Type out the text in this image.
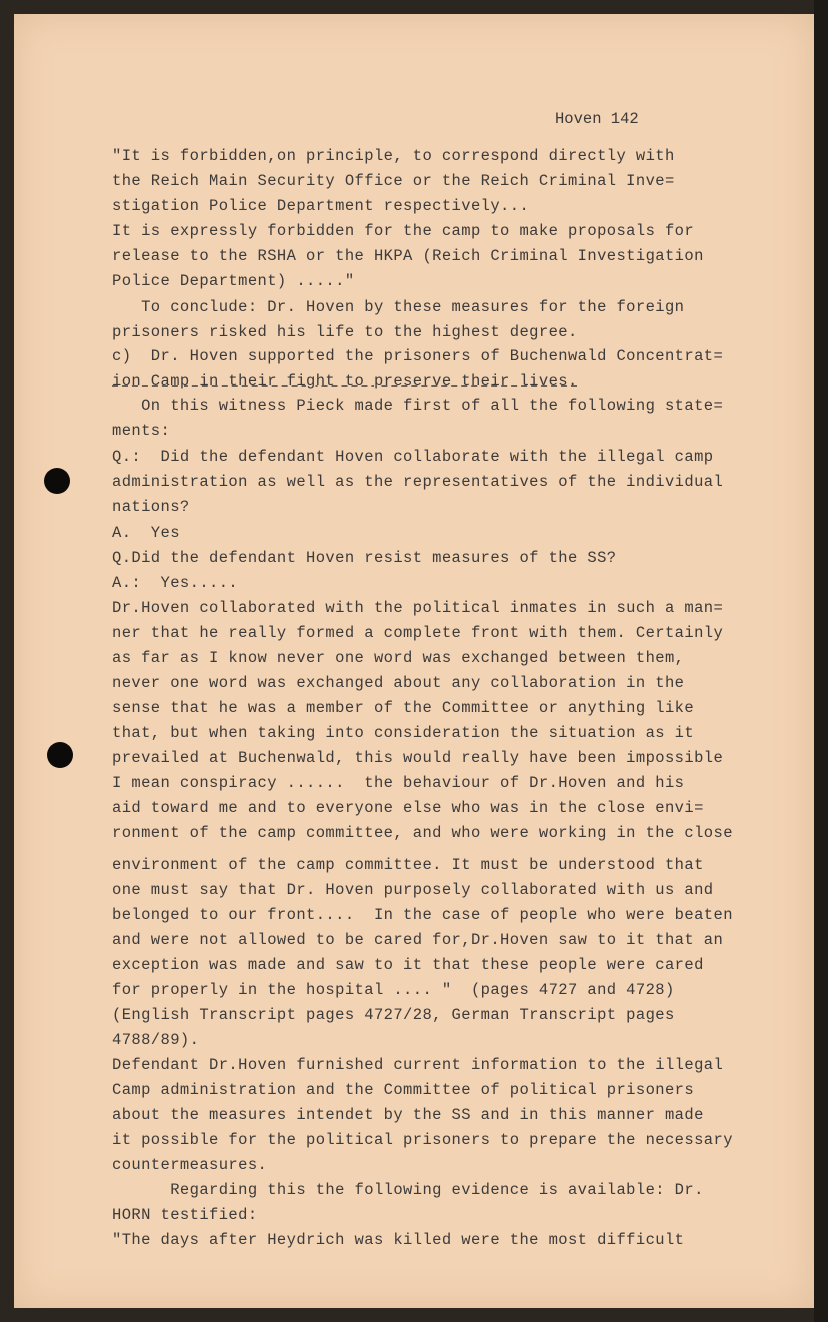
Hoven 142
"It is forbidden,on principle, to correspond directly with
the Reich Main Security Office or the Reich Criminal Inve=
stigation Police Department respectively...
It is expressly forbidden for the camp to make proposals for
release to the RSHA or the HKPA (Reich Criminal Investigation
Police Department) ....."
To conclude: Dr. Hoven by these measures for the foreign
prisoners risked his life to the highest degree.
c)  Dr. Hoven supported the prisoners of Buchenwald Concentrat=
ion Camp in their fight to preserve their lives.
On this witness Pieck made first of all the following state=
ments:
Q.:  Did the defendant Hoven collaborate with the illegal camp
administration as well as the representatives of the individual
nations?
A.  Yes
Q.Did the defendant Hoven resist measures of the SS?
A.:  Yes.....
Dr.Hoven collaborated with the political inmates in such a man=
ner that he really formed a complete front with them. Certainly
as far as I know never one word was exchanged between them,
never one word was exchanged about any collaboration in the
sense that he was a member of the Committee or anything like
that, but when taking into consideration the situation as it
prevailed at Buchenwald, this would really have been impossible
I mean conspiracy ......  the behaviour of Dr.Hoven and his
aid toward me and to everyone else who was in the close envi=
ronment of the camp committee, and who were working in the close
environment of the camp committee. It must be understood that
one must say that Dr. Hoven purposely collaborated with us and
belonged to our front....  In the case of people who were beaten
and were not allowed to be cared for,Dr.Hoven saw to it that an
exception was made and saw to it that these people were cared
for properly in the hospital .... "  (pages 4727 and 4728)
(English Transcript pages 4727/28, German Transcript pages
4788/89).
Defendant Dr.Hoven furnished current information to the illegal
Camp administration and the Committee of political prisoners
about the measures intendet by the SS and in this manner made
it possible for the political prisoners to prepare the necessary
countermeasures.
Regarding this the following evidence is available: Dr.
HORN testified:
"The days after Heydrich was killed were the most difficult
